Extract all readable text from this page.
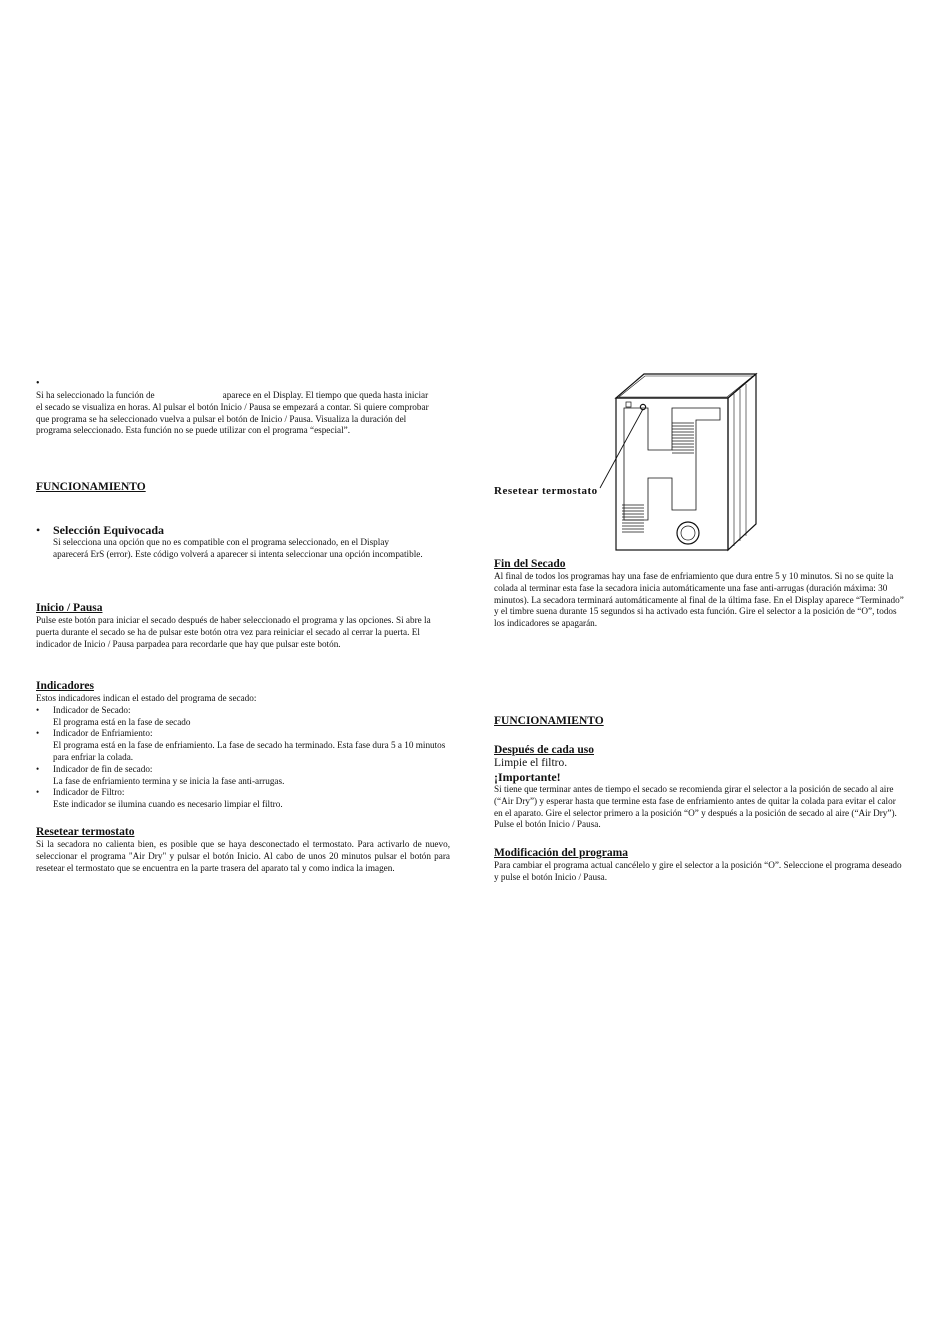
•

Si ha seleccionado la función de	aparece en el Display. El tiempo que queda hasta iniciar el secado se visualiza en horas. Al pulsar el botón Inicio / Pausa se empezará a contar. Si quiere comprobar que programa se ha seleccionado vuelva a pulsar el botón de Inicio / Pausa. Visualiza la duración del programa seleccionado. Esta función no se puede utilizar con el programa “especial”.

FUNCIONAMIENTO

•	Selección Equivocada

Si selecciona una opción que no es compatible con el programa seleccionado, en el Display aparecerá ErS (error). Este código volverá a aparecer si intenta seleccionar una opción incompatible.

Inicio / Pausa

Pulse este botón para iniciar el secado después de haber seleccionado el programa y las opciones. Si abre la puerta durante el secado se ha de pulsar este botón otra vez para reiniciar el secado al cerrar la puerta. El indicador de Inicio / Pausa parpadea para recordarle que hay que pulsar este botón.

Indicadores

Estos indicadores indican el estado del programa de secado:

•	Indicador de Secado:

El programa está en la fase de secado

•	Indicador de Enfriamiento:

El programa está en la fase de enfriamiento. La fase de secado ha terminado. Esta fase dura 5 a 10 minutos para enfriar la colada.

•	Indicador de fin de secado:

La fase de enfriamiento termina y se inicia la fase anti-arrugas.

•	Indicador de Filtro:

Este indicador se ilumina cuando es necesario limpiar el filtro.

Resetear termostato

Si la secadora no calienta bien, es posible que se haya desconectado el termostato. Para activarlo de nuevo, seleccionar el programa "Air Dry" y pulsar el botón Inicio. Al cabo de unos 20 minutos pulsar el botón para resetear el termostato que se encuentra en la parte trasera del aparato tal y como indica la imagen.

Resetear termostato

Fin del Secado

Al final de todos los programas hay una fase de enfriamiento que dura entre 5 y 10 minutos. Si no se quite la colada al terminar esta fase la secadora inicia automáticamente una fase anti-arrugas (duración máxima: 30 minutos). La secadora terminará automáticamente al final de la última fase. En el Display aparece “Terminado” y el timbre suena durante 15 segundos si ha activado esta función. Gire el selector a la posición de “O”, todos los indicadores se apagarán.

FUNCIONAMIENTO

Después de cada uso

Limpie el filtro.

¡Importante!

Si tiene que terminar antes de tiempo el secado se recomienda girar el selector a la posición de secado al aire (“Air Dry”) y esperar hasta que termine esta fase de enfriamiento antes de quitar la colada para evitar el calor en el aparato. Gire el selector primero a la posición “O” y después a la posición de secado al aire (“Air Dry”). Pulse el botón Inicio / Pausa.

Modificación del programa

Para cambiar el programa actual cancélelo y gire el selector a la posición “O”. Seleccione el programa deseado y pulse el botón Inicio / Pausa.
